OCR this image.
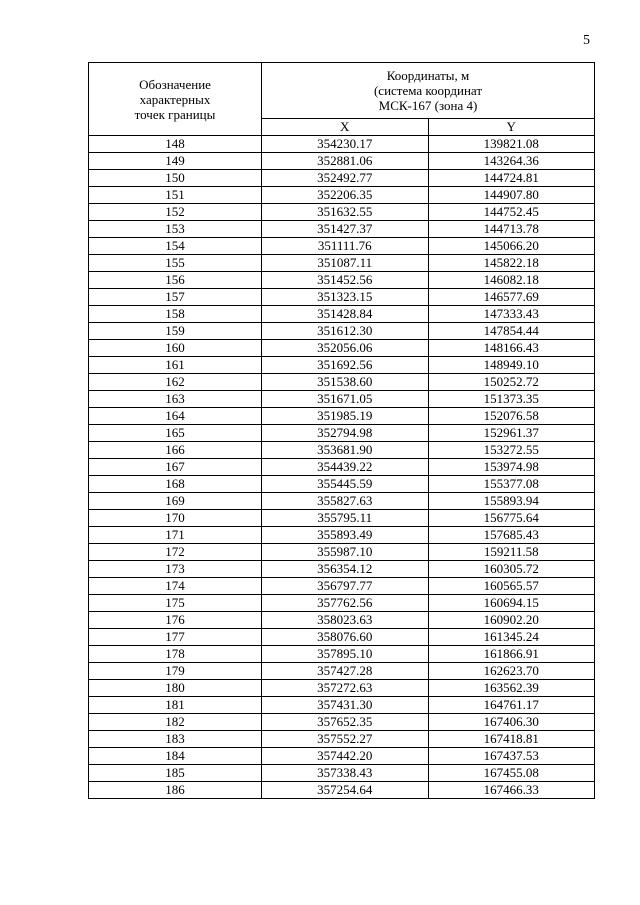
5
Обозначение
характерных
точек границы	Координаты, м
(система координат
МСК-167 (зона 4)	

	X	Y
148	354230.17	139821.08
149	352881.06	143264.36
150	352492.77	144724.81
151	352206.35	144907.80
152	351632.55	144752.45
153	351427.37	144713.78
154	351111.76	145066.20
155	351087.11	145822.18
156	351452.56	146082.18
157	351323.15	146577.69
158	351428.84	147333.43
159	351612.30	147854.44
160	352056.06	148166.43
161	351692.56	148949.10
162	351538.60	150252.72
163	351671.05	151373.35
164	351985.19	152076.58
165	352794.98	152961.37
166	353681.90	153272.55
167	354439.22	153974.98
168	355445.59	155377.08
169	355827.63	155893.94
170	355795.11	156775.64
171	355893.49	157685.43
172	355987.10	159211.58
173	356354.12	160305.72
174	356797.77	160565.57
175	357762.56	160694.15
176	358023.63	160902.20
177	358076.60	161345.24
178	357895.10	161866.91
179	357427.28	162623.70
180	357272.63	163562.39
181	357431.30	164761.17
182	357652.35	167406.30
183	357552.27	167418.81
184	357442.20	167437.53
185	357338.43	167455.08
186	357254.64	167466.33
